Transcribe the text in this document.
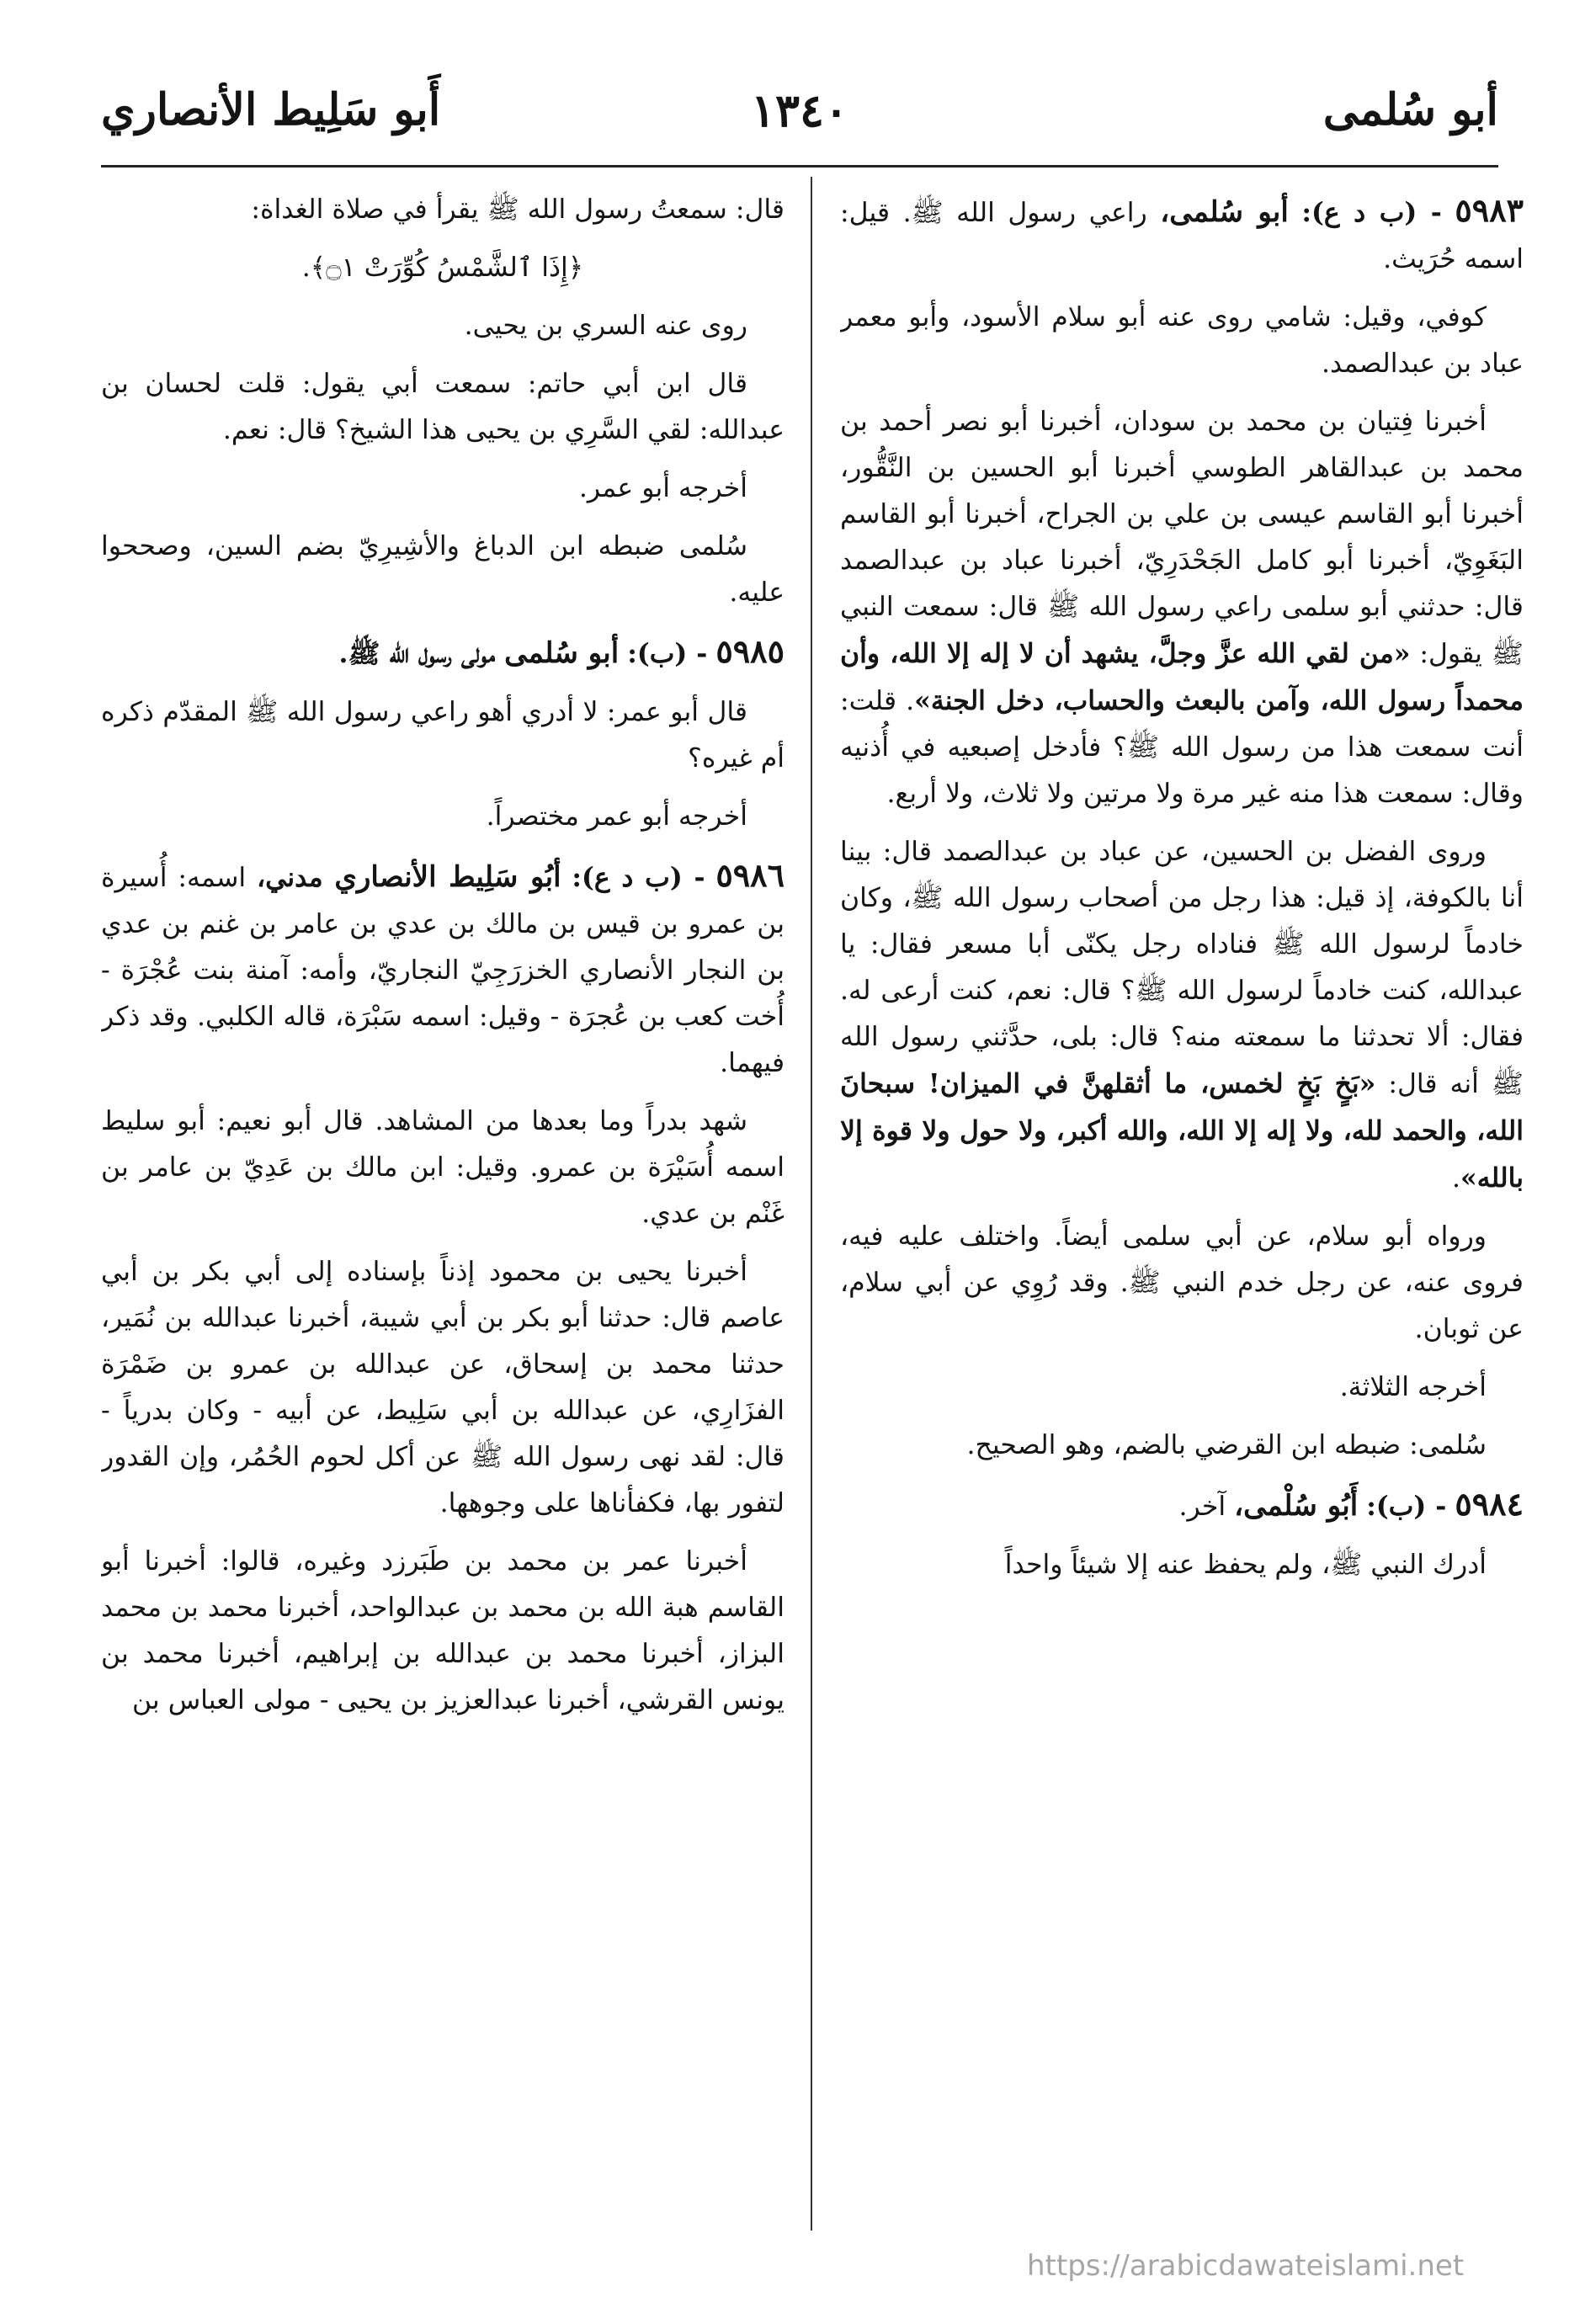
أبو سُلمى
١٣٤٠
أَبو سَلِيط الأنصاري

٥٩٨٣ - (ب د ع): أبو سُلمى، راعي رسول الله ﷺ. قيل: اسمه حُرَيث.

كوفي، وقيل: شامي روى عنه أبو سلام الأسود، وأبو معمر عباد بن عبدالصمد.

أخبرنا فِتيان بن محمد بن سودان، أخبرنا أبو نصر أحمد بن محمد بن عبدالقاهر الطوسي أخبرنا أبو الحسين بن النَّقُّور، أخبرنا أبو القاسم عيسى بن علي بن الجراح، أخبرنا أبو القاسم البَغَوِيّ، أخبرنا أبو كامل الجَحْدَرِيّ، أخبرنا عباد بن عبدالصمد قال: حدثني أبو سلمى راعي رسول الله ﷺ قال: سمعت النبي ﷺ يقول: «من لقي الله عزَّ وجلَّ، يشهد أن لا إله إلا الله، وأن محمداً رسول الله، وآمن بالبعث والحساب، دخل الجنة». قلت: أنت سمعت هذا من رسول الله ﷺ؟ فأدخل إصبعيه في أُذنيه وقال: سمعت هذا منه غير مرة ولا مرتين ولا ثلاث، ولا أربع.

وروى الفضل بن الحسين، عن عباد بن عبدالصمد قال: بينا أنا بالكوفة، إذ قيل: هذا رجل من أصحاب رسول الله ﷺ، وكان خادماً لرسول الله ﷺ فناداه رجل يكنّى أبا مسعر فقال: يا عبدالله، كنت خادماً لرسول الله ﷺ؟ قال: نعم، كنت أرعى له. فقال: ألا تحدثنا ما سمعته منه؟ قال: بلى، حدَّثني رسول الله ﷺ أنه قال: «بَخٍ بَخٍ لخمس، ما أثقلهنَّ في الميزان! سبحانَ الله، والحمد لله، ولا إله إلا الله، والله أكبر، ولا حول ولا قوة إلا بالله».

ورواه أبو سلام، عن أبي سلمى أيضاً. واختلف عليه فيه، فروى عنه، عن رجل خدم النبي ﷺ. وقد رُوِي عن أبي سلام، عن ثوبان.

أخرجه الثلاثة.

سُلمى: ضبطه ابن القرضي بالضم، وهو الصحيح.

٥٩٨٤ - (ب): أَبُو سُلْمى، آخر.

أدرك النبي ﷺ، ولم يحفظ عنه إلا شيئاً واحداً

قال: سمعتُ رسول الله ﷺ يقرأ في صلاة الغداة:

﴿إِذَا ٱلشَّمْسُ كُوِّرَتْ ۝١﴾.

روى عنه السري بن يحيى.

قال ابن أبي حاتم: سمعت أبي يقول: قلت لحسان بن عبدالله: لقي السَّرِي بن يحيى هذا الشيخ؟ قال: نعم.

أخرجه أبو عمر.

سُلمى ضبطه ابن الدباغ والأشِيرِيّ بضم السين، وصححوا عليه.

٥٩٨٥ - (ب): أبو سُلمى مولى رسول الله ﷺ.

قال أبو عمر: لا أدري أهو راعي رسول الله ﷺ المقدّم ذكره أم غيره؟

أخرجه أبو عمر مختصراً.

٥٩٨٦ - (ب د ع): أبُو سَلِيط الأنصاري مدني، اسمه: أُسيرة بن عمرو بن قيس بن مالك بن عدي بن عامر بن غنم بن عدي بن النجار الأنصاري الخزرَجِيّ النجاريّ، وأمه: آمنة بنت عُجْرَة - أُخت كعب بن عُجرَة - وقيل: اسمه سَبْرَة، قاله الكلبي. وقد ذكر فيهما.

شهد بدراً وما بعدها من المشاهد. قال أبو نعيم: أبو سليط اسمه أُسَيْرَة بن عمرو. وقيل: ابن مالك بن عَدِيّ بن عامر بن غَنْم بن عدي.

أخبرنا يحيى بن محمود إذناً بإسناده إلى أبي بكر بن أبي عاصم قال: حدثنا أبو بكر بن أبي شيبة، أخبرنا عبدالله بن نُمَير، حدثنا محمد بن إسحاق، عن عبدالله بن عمرو بن ضَمْرَة الفزَارِي، عن عبدالله بن أبي سَلِيط، عن أبيه - وكان بدرياً - قال: لقد نهى رسول الله ﷺ عن أكل لحوم الحُمُر، وإن القدور لتفور بها، فكفأناها على وجوهها.

أخبرنا عمر بن محمد بن طَبَرزد وغيره، قالوا: أخبرنا أبو القاسم هبة الله بن محمد بن عبدالواحد، أخبرنا محمد بن محمد البزاز، أخبرنا محمد بن عبدالله بن إبراهيم، أخبرنا محمد بن يونس القرشي، أخبرنا عبدالعزيز بن يحيى - مولى العباس بن

https://arabicdawateislami.net
